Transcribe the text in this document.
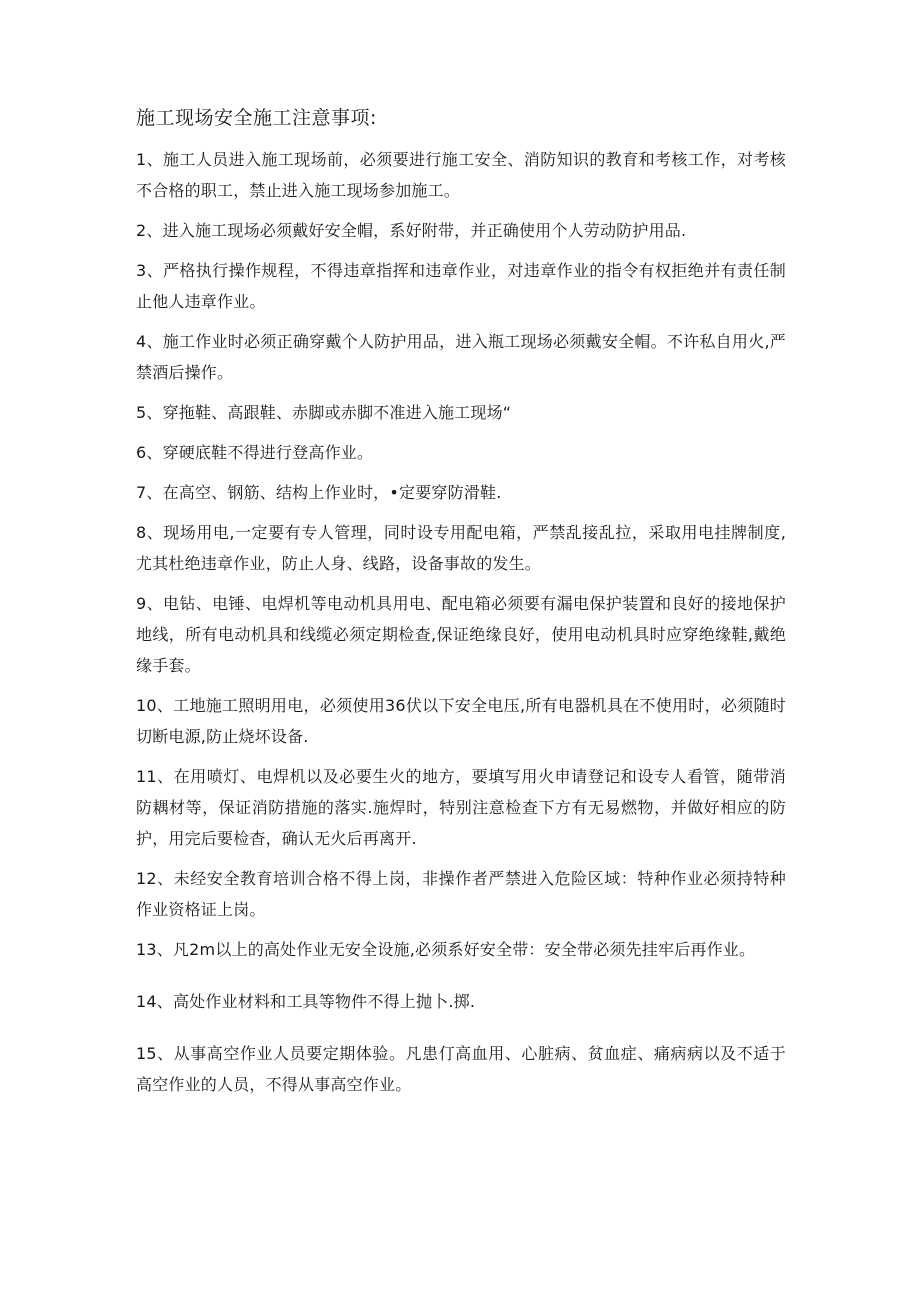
施工现场安全施工注意事项:
1、施工人员进入施工现场前，必须要进行施工安全、消防知识的教育和考核工作，对考核不合格的职工，禁止进入施工现场参加施工。
2、进入施工现场必须戴好安全帽，系好附带，并正确使用个人劳动防护用品.
3、严格执行操作规程，不得违章指挥和违章作业，对违章作业的指令有权拒绝并有责任制止他人违章作业。
4、施工作业时必须正确穿戴个人防护用品，进入瓶工现场必须戴安全帽。不许私自用火,严禁酒后操作。
5、穿拖鞋、高跟鞋、赤脚或赤脚不准进入施工现场“
6、穿硬底鞋不得进行登高作业。
7、在高空、钢筋、结构上作业时，•定要穿防滑鞋.
8、现场用电,一定要有专人管理，同时设专用配电箱，严禁乱接乱拉，采取用电挂牌制度,尤其杜绝违章作业，防止人身、线路，设备事故的发生。
9、电钻、电锤、电焊机等电动机具用电、配电箱必须要有漏电保护装置和良好的接地保护地线，所有电动机具和线缆必须定期检查,保证绝缘良好，使用电动机具时应穿绝缘鞋,戴绝缘手套。
10、工地施工照明用电，必须使用36伏以下安全电压,所有电器机具在不使用时，必须随时切断电源,防止烧坏设备.
11、在用喷灯、电焊机以及必要生火的地方，要填写用火申请登记和设专人看管，随带消防耦材等，保证消防措施的落实.施焊时，特别注意检查下方有无易燃物，并做好相应的防护，用完后要检杳，确认无火后再离开.
12、未经安全教育培训合格不得上岗，非操作者严禁进入危险区域：特种作业必须持特种作业资格证上岗。
13、凡2m以上的高处作业无安全设施,必须系好安全带：安全带必须先挂牢后再作业。
14、高处作业材料和工具等物件不得上抛卜.掷.
15、从事高空作业人员要定期体验。凡患仃高血用、心脏病、贫血症、痛病病以及不适于高空作业的人员，不得从事高空作业。
